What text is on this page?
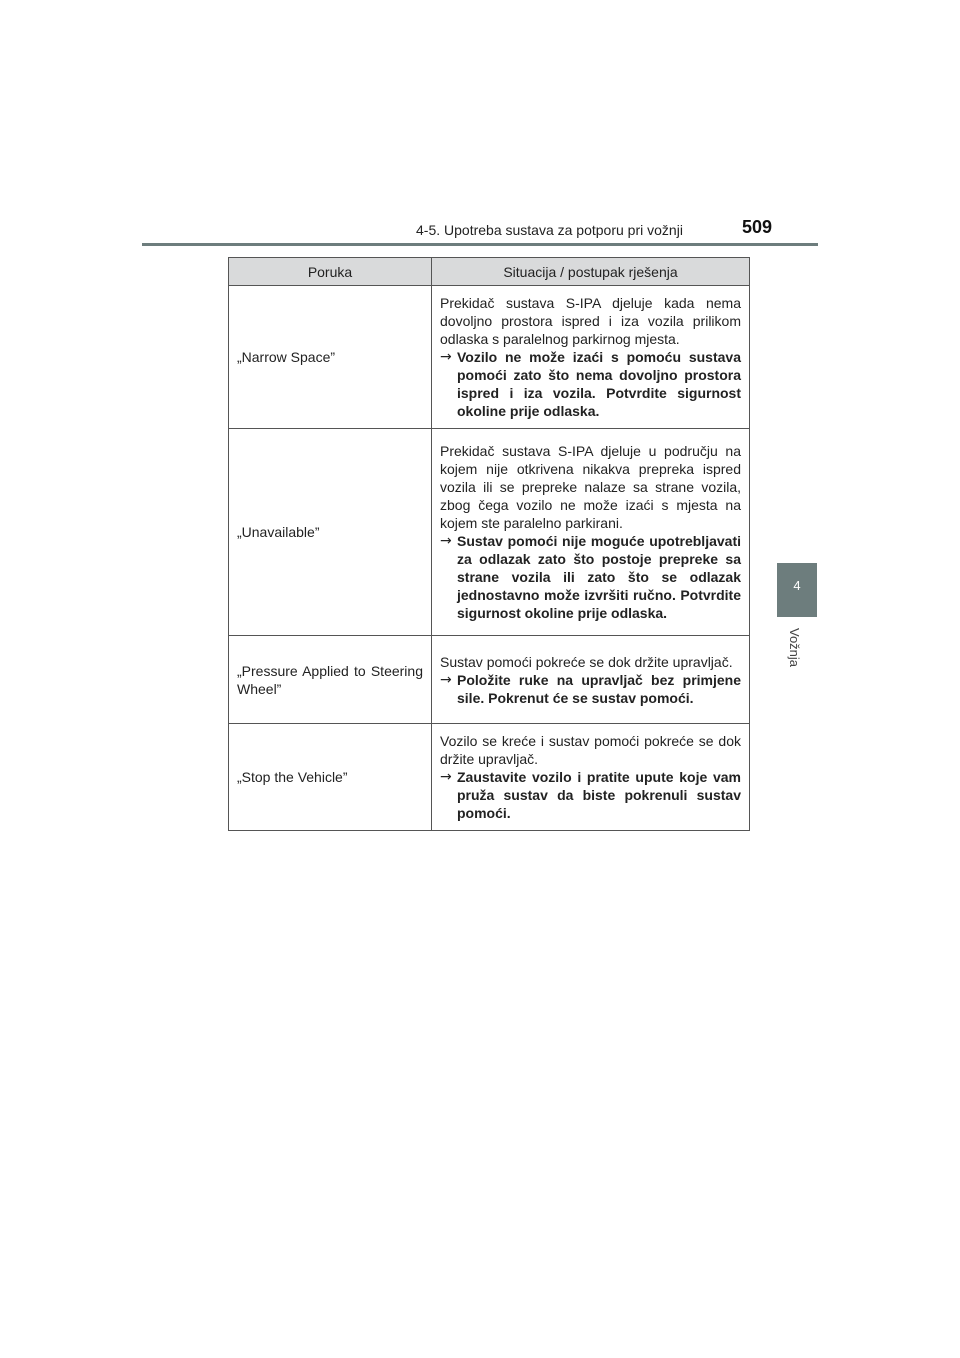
4-5. Upotreba sustava za potporu pri vožnji	509
4
Vožnja
Poruka	Situacija / postupak rješenja
„Narrow Space”	Prekidač sustava S-IPA djeluje kada nema dovoljno prostora ispred i iza vozila prilikom odlaska s paralelnog parkirnog mjesta.

→ Vozilo ne može izaći s pomoću sustava pomoći zato što nema dovoljno prostora ispred i iza vozila. Potvrdite sigurnost okoline prije odlaska.

„Unavailable”	Prekidač sustava S-IPA djeluje u području na kojem nije otkrivena nikakva prepreka ispred vozila ili se prepreke nalaze sa strane vozila, zbog čega vozilo ne može izaći s mjesta na kojem ste paralelno parkirani.

→ Sustav pomoći nije moguće upotrebljavati za odlazak zato što postoje prepreke sa strane vozila ili zato što se odlazak jednostavno može izvršiti ručno. Potvrdite sigurnost okoline prije odlaska.

„Pressure Applied to Steering Wheel”	Sustav pomoći pokreće se dok držite upravljač.

→ Položite ruke na upravljač bez primjene sile. Pokrenut će se sustav pomoći.

„Stop the Vehicle”	Vozilo se kreće i sustav pomoći pokreće se dok držite upravljač.

→ Zaustavite vozilo i pratite upute koje vam pruža sustav da biste pokrenuli sustav pomoći.
